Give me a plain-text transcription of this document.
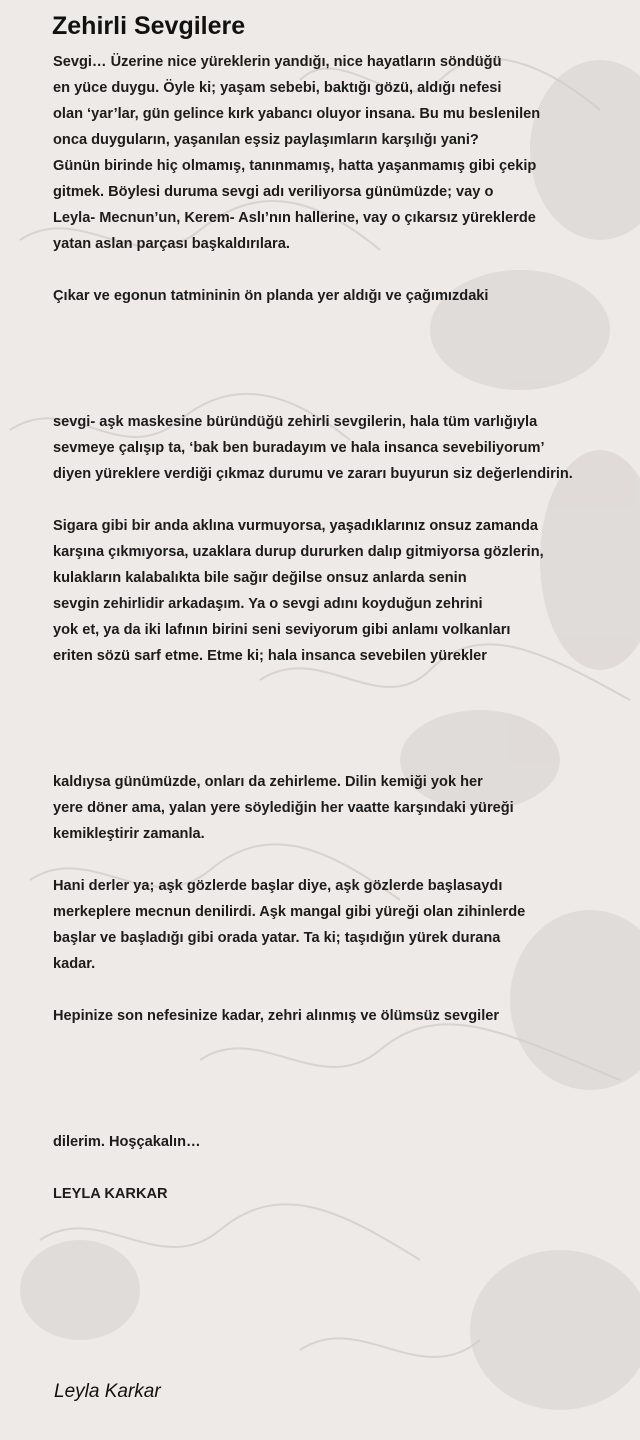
Zehirli Sevgilere

Sevgi… Üzerine nice yüreklerin yandığı, nice hayatların söndüğü

en yüce duygu. Öyle ki; yaşam sebebi, baktığı gözü, aldığı nefesi

olan ‘yar’lar, gün gelince kırk yabancı oluyor insana. Bu mu beslenilen

onca duyguların, yaşanılan eşsiz paylaşımların karşılığı yani?

Günün birinde hiç olmamış, tanınmamış, hatta yaşanmamış gibi çekip

gitmek. Böylesi duruma sevgi adı veriliyorsa günümüzde; vay o

Leyla- Mecnun’un, Kerem- Aslı’nın hallerine, vay o çıkarsız yüreklerde

yatan aslan parçası başkaldırılara.

Çıkar ve egonun tatmininin ön planda yer aldığı ve çağımızdaki

sevgi- aşk maskesine büründüğü zehirli sevgilerin, hala tüm varlığıyla

sevmeye çalışıp ta, ‘bak ben buradayım ve hala insanca sevebiliyorum’

diyen yüreklere verdiği çıkmaz durumu ve zararı buyurun siz değerlendirin.

Sigara gibi bir anda aklına vurmuyorsa, yaşadıklarınız onsuz zamanda

karşına çıkmıyorsa, uzaklara durup dururken dalıp gitmiyorsa gözlerin,

kulakların kalabalıkta bile sağır değilse onsuz anlarda senin

sevgin zehirlidir arkadaşım. Ya o sevgi adını koyduğun zehrini

yok et, ya da iki lafının birini seni seviyorum gibi anlamı volkanları

eriten sözü sarf etme. Etme ki; hala insanca sevebilen yürekler

kaldıysa günümüzde, onları da zehirleme. Dilin kemiği yok her

yere döner ama, yalan yere söylediğin her vaatte karşındaki yüreği

kemikleştirir zamanla.

Hani derler ya; aşk gözlerde başlar diye, aşk gözlerde başlasaydı

merkeplere mecnun denilirdi. Aşk mangal gibi yüreği olan zihinlerde

başlar ve başladığı gibi orada yatar. Ta ki; taşıdığın yürek durana

kadar.

Hepinize son nefesinize kadar, zehri alınmış ve ölümsüz sevgiler

dilerim. Hoşçakalın…

LEYLA KARKAR

Leyla Karkar
